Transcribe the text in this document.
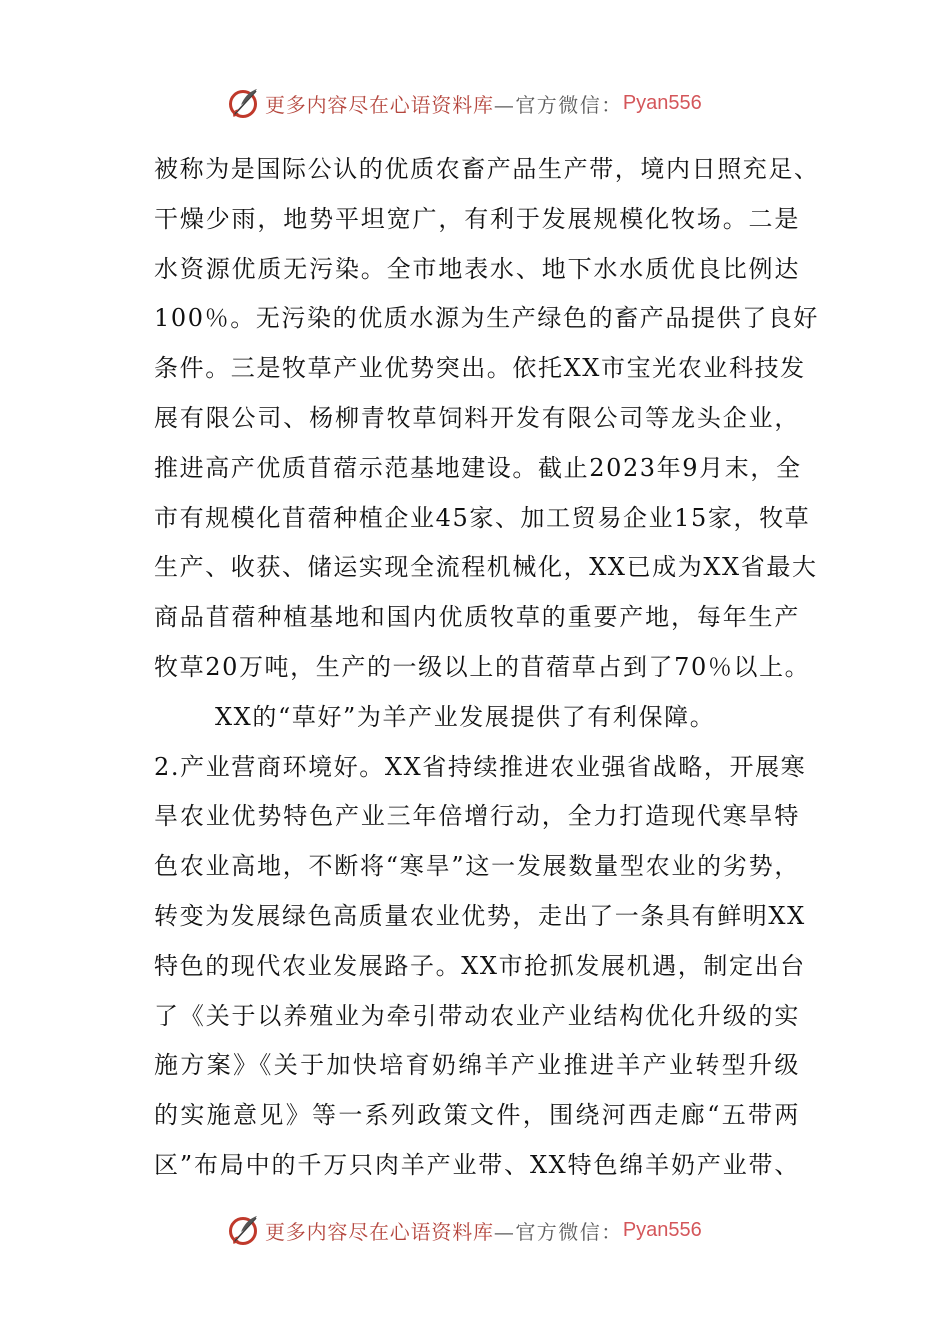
更多内容尽在心语资料库 —官方微信： Pyan556
被称为是国际公认的优质农畜产品生产带，境内日照充足、
干燥少雨，地势平坦宽广，有利于发展规模化牧场。二是
水资源优质无污染。全市地表水、地下水水质优良比例达
100％。无污染的优质水源为生产绿色的畜产品提供了良好
条件。三是牧草产业优势突出。依托XX市宝光农业科技发
展有限公司、杨柳青牧草饲料开发有限公司等龙头企业，
推进高产优质苜蓿示范基地建设。截止2023年9月末，全
市有规模化苜蓿种植企业45家、加工贸易企业15家，牧草
生产、收获、储运实现全流程机械化，XX已成为XX省最大
商品苜蓿种植基地和国内优质牧草的重要产地，每年生产
牧草20万吨，生产的一级以上的苜蓿草占到了70％以上。
XX的“草好”为羊产业发展提供了有利保障。
2.产业营商环境好。XX省持续推进农业强省战略，开展寒
旱农业优势特色产业三年倍增行动，全力打造现代寒旱特
色农业高地，不断将“寒旱”这一发展数量型农业的劣势，
转变为发展绿色高质量农业优势，走出了一条具有鲜明XX
特色的现代农业发展路子。XX市抢抓发展机遇，制定出台
了《关于以养殖业为牵引带动农业产业结构优化升级的实
施方案》《关于加快培育奶绵羊产业推进羊产业转型升级
的实施意见》等一系列政策文件，围绕河西走廊“五带两
区”布局中的千万只肉羊产业带、XX特色绵羊奶产业带、
更多内容尽在心语资料库 —官方微信： Pyan556
